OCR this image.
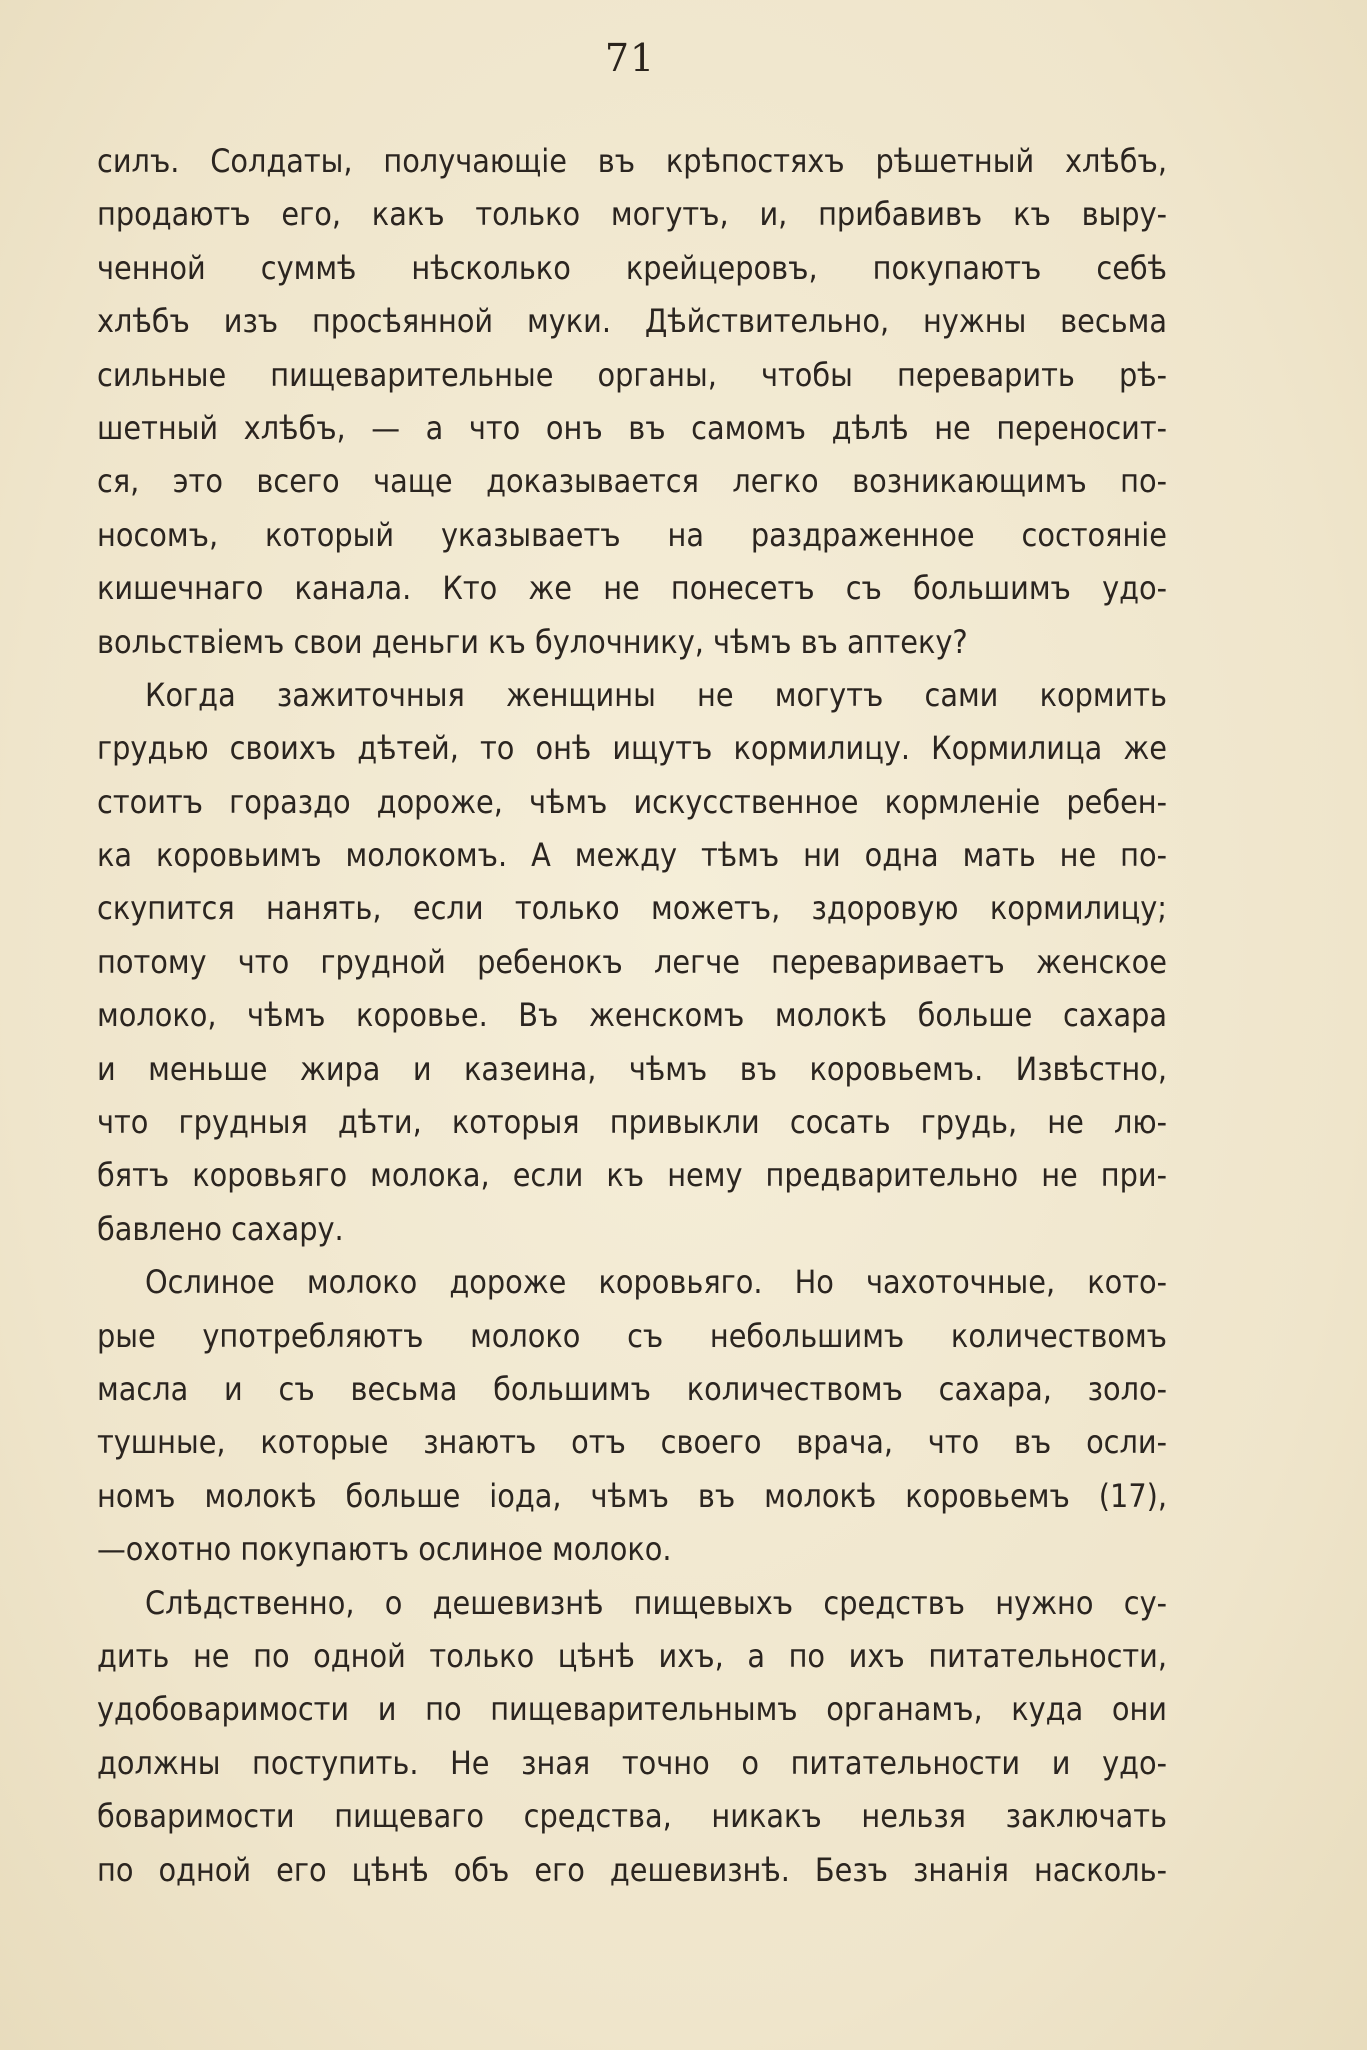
71
силъ. Солдаты, получающіе въ крѣпостяхъ рѣшетный хлѣбъ,
продаютъ его, какъ только могутъ, и, прибавивъ къ выру-
ченной суммѣ нѣсколько крейцеровъ, покупаютъ себѣ
хлѣбъ изъ просѣянной муки. Дѣйствительно, нужны весьма
сильные пищеварительные органы, чтобы переварить рѣ-
шетный хлѣбъ, — а что онъ въ самомъ дѣлѣ не переносит-
ся, это всего чаще доказывается легко возникающимъ по-
носомъ, который указываетъ на раздраженное состояніе
кишечнаго канала. Кто же не понесетъ съ большимъ удо-
вольствіемъ свои деньги къ булочнику, чѣмъ въ аптеку?
Когда зажиточныя женщины не могутъ сами кормить
грудью своихъ дѣтей, то онѣ ищутъ кормилицу. Кормилица же
стоитъ гораздо дороже, чѣмъ искусственное кормленіе ребен-
ка коровьимъ молокомъ. А между тѣмъ ни одна мать не по-
скупится нанять, если только можетъ, здоровую кормилицу;
потому что грудной ребенокъ легче перевариваетъ женское
молоко, чѣмъ коровье. Въ женскомъ молокѣ больше сахара
и меньше жира и казеина, чѣмъ въ коровьемъ. Извѣстно,
что грудныя дѣти, которыя привыкли сосать грудь, не лю-
бятъ коровьяго молока, если къ нему предварительно не при-
бавлено сахару.
Ослиное молоко дороже коровьяго. Но чахоточные, кото-
рые употребляютъ молоко съ небольшимъ количествомъ
масла и съ весьма большимъ количествомъ сахара, золо-
тушные, которые знаютъ отъ своего врача, что въ осли-
номъ молокѣ больше іода, чѣмъ въ молокѣ коровьемъ (17),
—охотно покупаютъ ослиное молоко.
Слѣдственно, о дешевизнѣ пищевыхъ средствъ нужно су-
дить не по одной только цѣнѣ ихъ, а по ихъ питательности,
удобоваримости и по пищеварительнымъ органамъ, куда они
должны поступить. Не зная точно о питательности и удо-
боваримости пищеваго средства, никакъ нельзя заключать
по одной его цѣнѣ объ его дешевизнѣ. Безъ знанія насколь-
